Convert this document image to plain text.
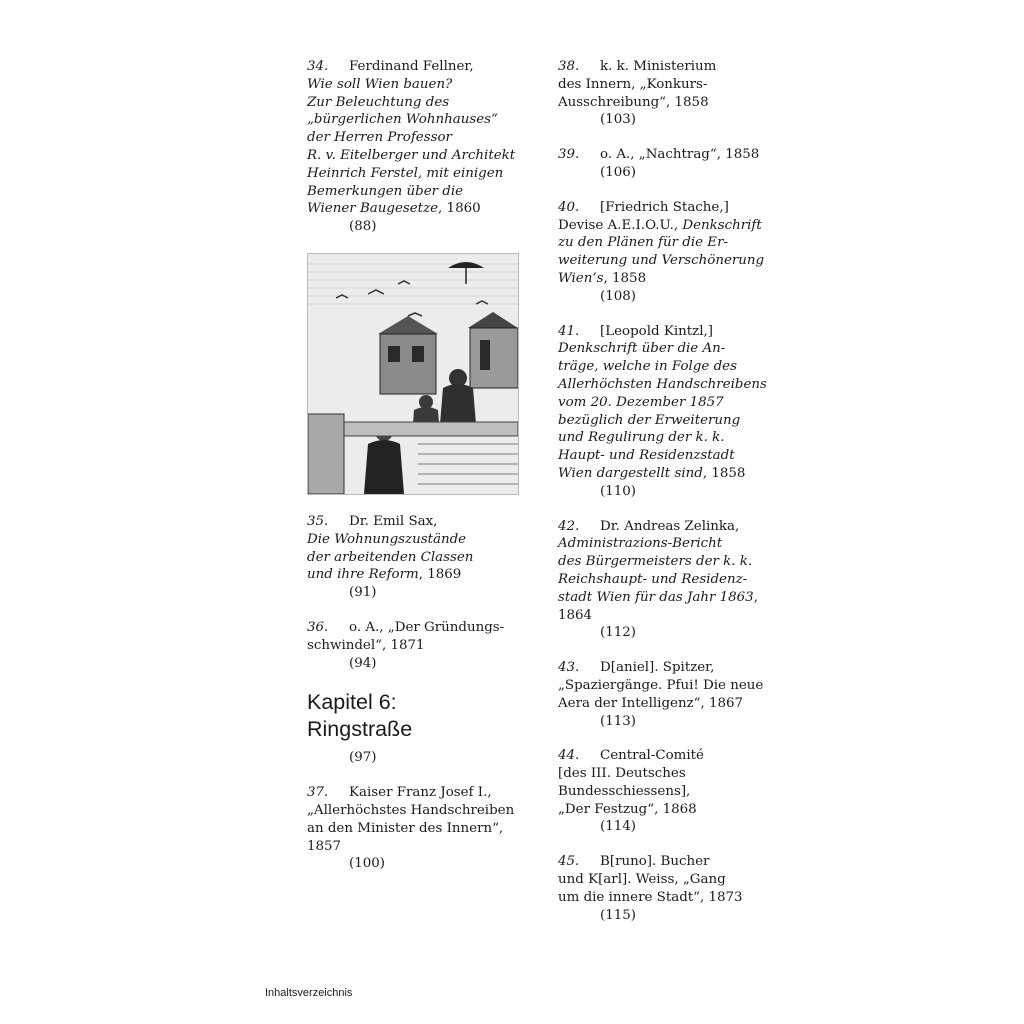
34. Ferdinand Fellner,
Wie soll Wien bauen?
Zur Beleuchtung des
„bürgerlichen Wohnhauses“
der Herren Professor
R. v. Eitelberger und Architekt
Heinrich Ferstel, mit einigen
Bemerkungen über die
Wiener Baugesetze, 1860
(88)
35. Dr. Emil Sax,
Die Wohnungszustände
der arbeitenden Classen
und ihre Reform, 1869
(91)
36. o. A., „Der Gründungs-
schwindel“, 1871
(94)
Kapitel 6:
Ringstraße
(97)
37. Kaiser Franz Josef I.,
„Allerhöchstes Handschreiben
an den Minister des Innern“,
1857
(100)
38. k. k. Ministerium
des Innern, „Konkurs-
Ausschreibung“, 1858
(103)
39. o. A., „Nachtrag“, 1858
(106)
40. [Friedrich Stache,]
Devise A.E.I.O.U., Denkschrift
zu den Plänen für die Er-
weiterung und Verschönerung
Wien’s, 1858
(108)
41. [Leopold Kintzl,]
Denkschrift über die An-
träge, welche in Folge des
Allerhöchsten Handschreibens
vom 20. Dezember 1857
bezüglich der Erweiterung
und Regulirung der k. k.
Haupt- und Residenzstadt
Wien dargestellt sind, 1858
(110)
42. Dr. Andreas Zelinka,
Administrazions-Bericht
des Bürgermeisters der k. k.
Reichshaupt- und Residenz-
stadt Wien für das Jahr 1863,
1864
(112)
43. D[aniel]. Spitzer,
„Spaziergänge. Pfui! Die neue
Aera der Intelligenz“, 1867
(113)
44. Central-Comité
[des III. Deutsches
Bundesschiessens],
„Der Festzug“, 1868
(114)
45. B[runo]. Bucher
und K[arl]. Weiss, „Gang
um die innere Stadt“, 1873
(115)
Inhaltsverzeichnis
